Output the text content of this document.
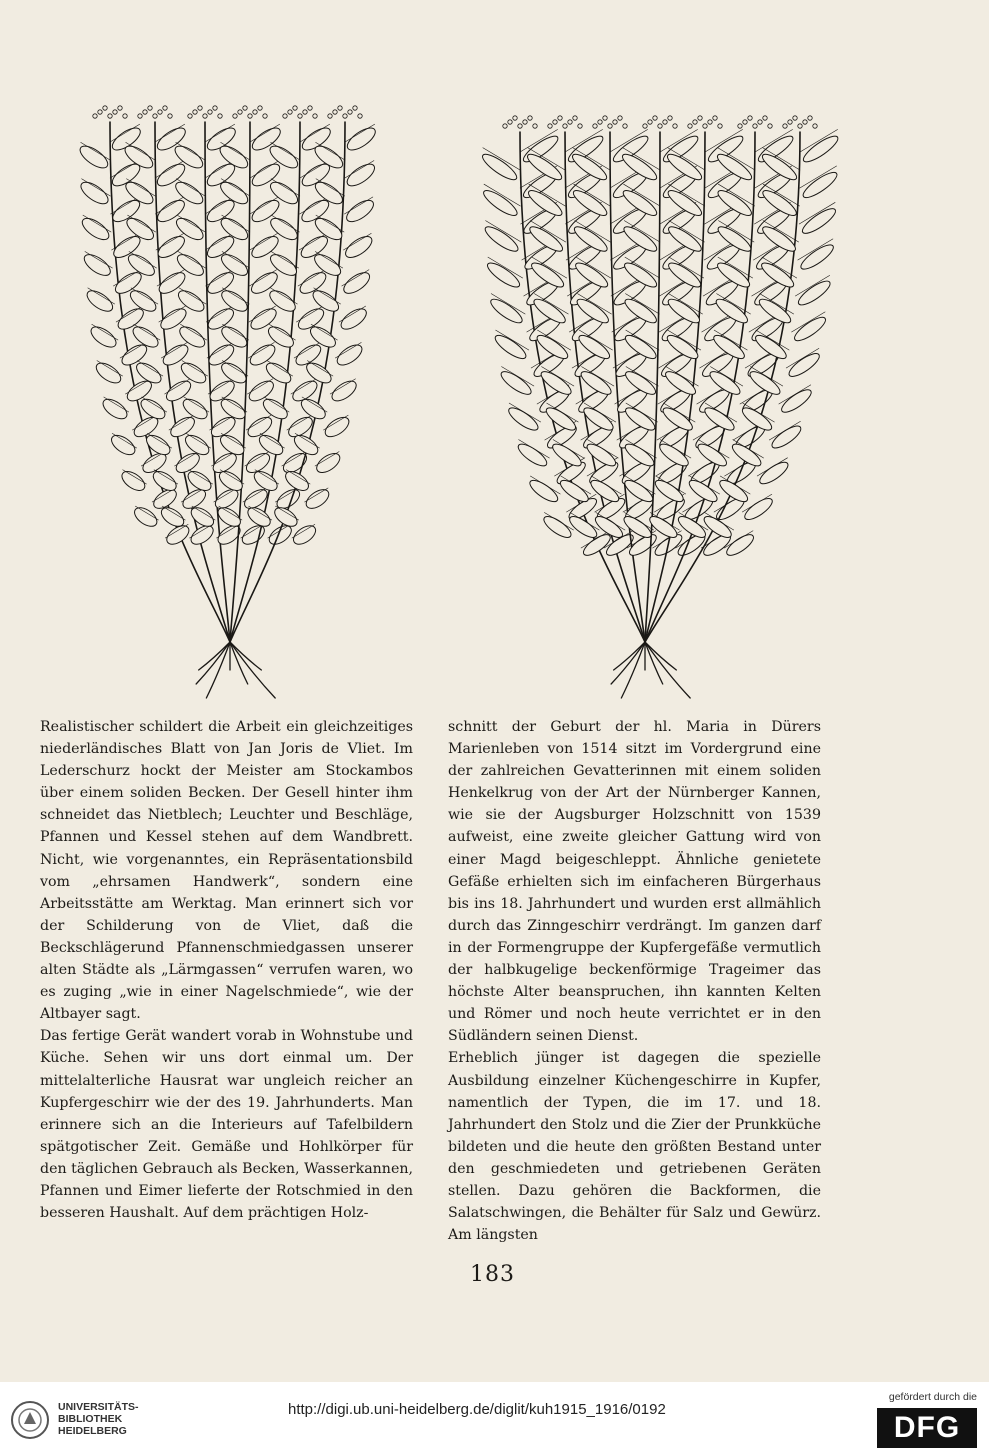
Realistischer schildert die Arbeit ein gleichzeitiges niederländisches Blatt von Jan Joris de Vliet. Im Lederschurz hockt der Meister am Stockambos über einem soliden Becken. Der Gesell hinter ihm schneidet das Nietblech; Leuchter und Beschläge, Pfannen und Kessel stehen auf dem Wandbrett. Nicht, wie vorgenanntes, ein Repräsentationsbild vom „ehrsamen Handwerk“, sondern eine Arbeitsstätte am Werktag. Man erinnert sich vor der Schilderung von de Vliet, daß die Beckschlägerund Pfannenschmiedgassen unserer alten Städte als „Lärmgassen“ verrufen waren, wo es zuging „wie in einer Nagelschmiede“, wie der Altbayer sagt.

Das fertige Gerät wandert vorab in Wohnstube und Küche. Sehen wir uns dort einmal um. Der mittelalterliche Hausrat war ungleich reicher an Kupfergeschirr wie der des 19. Jahrhunderts. Man erinnere sich an die Interieurs auf Tafelbildern spätgotischer Zeit. Gemäße und Hohlkörper für den täglichen Gebrauch als Becken, Wasserkannen, Pfannen und Eimer lieferte der Rotschmied in den besseren Haushalt. Auf dem prächtigen Holz-

schnitt der Geburt der hl. Maria in Dürers Marienleben von 1514 sitzt im Vordergrund eine der zahlreichen Gevatterinnen mit einem soliden Henkelkrug von der Art der Nürnberger Kannen, wie sie der Augsburger Holzschnitt von 1539 aufweist, eine zweite gleicher Gattung wird von einer Magd beigeschleppt. Ähnliche genietete Gefäße erhielten sich im einfacheren Bürgerhaus bis ins 18. Jahrhundert und wurden erst allmählich durch das Zinngeschirr verdrängt. Im ganzen darf in der Formengruppe der Kupfergefäße vermutlich der halbkugelige beckenförmige Trageimer das höchste Alter beanspruchen, ihn kannten Kelten und Römer und noch heute verrichtet er in den Südländern seinen Dienst.

Erheblich jünger ist dagegen die spezielle Ausbildung einzelner Küchengeschirre in Kupfer, namentlich der Typen, die im 17. und 18. Jahrhundert den Stolz und die Zier der Prunkküche bildeten und die heute den größten Bestand unter den geschmiedeten und getriebenen Geräten stellen. Dazu gehören die Backformen, die Salatschwingen, die Behälter für Salz und Gewürz. Am längsten

183
UNIVERSITÄTS-
BIBLIOTHEK
HEIDELBERG
http://digi.ub.uni-heidelberg.de/diglit/kuh1915_1916/0192
gefördert durch die
DFG
